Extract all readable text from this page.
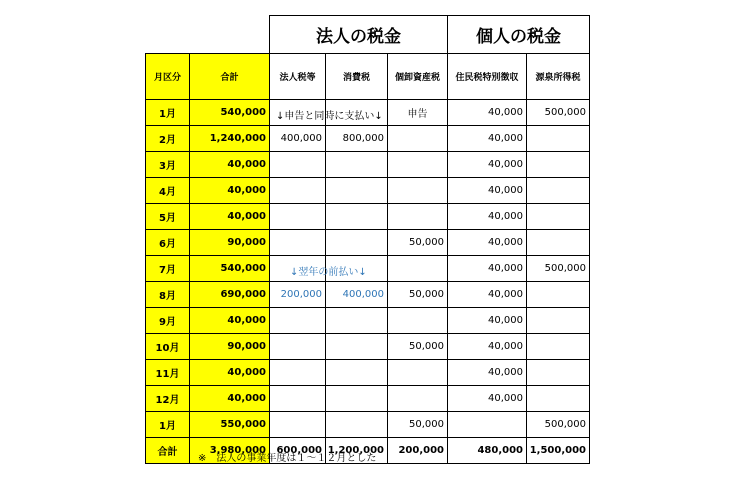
		法人の税金			個人の税金	
月区分	合計	法人税等	消費税	個卸資産税	住民税特別徴収	源泉所得税
1月	540,000	↓申告と同時に支払い↓		申告	40,000	500,000
2月	1,240,000	400,000	800,000		40,000	
3月	40,000				40,000	
4月	40,000				40,000	
5月	40,000				40,000	
6月	90,000			50,000	40,000	
7月	540,000	↓翌年の前払い↓			40,000	500,000
8月	690,000	200,000	400,000	50,000	40,000	
9月	40,000				40,000	
10月	90,000			50,000	40,000	
11月	40,000				40,000	
12月	40,000				40,000	
1月	550,000			50,000		500,000
合計	3,980,000	600,000	1,200,000	200,000	480,000	1,500,000
※　法人の事業年度は１～１２月とした
